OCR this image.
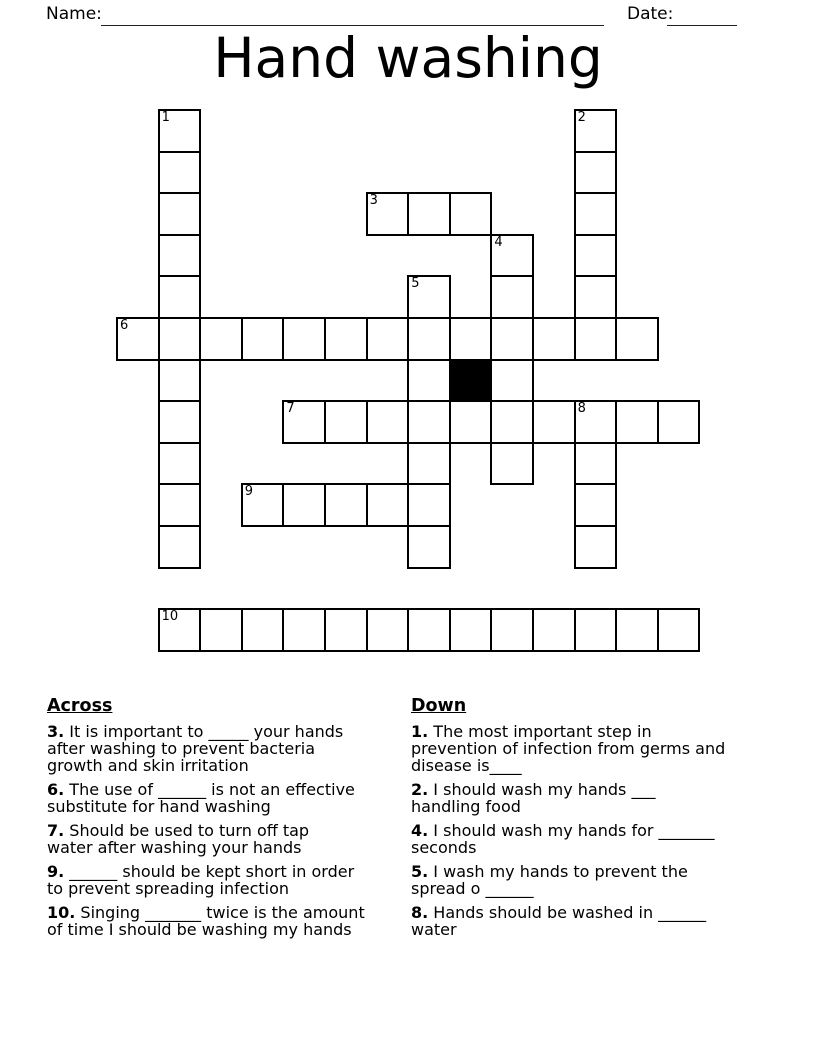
Name:	Date:
Hand washing
1	2
3
4
5
6
7	8
9
10
Across
3. It is important to _____ your hands
after washing to prevent bacteria
growth and skin irritation
6. The use of ______ is not an effective
substitute for hand washing
7. Should be used to turn off tap
water after washing your hands
9. ______ should be kept short in order
to prevent spreading infection
10. Singing _______ twice is the amount
of time I should be washing my hands
Down
1. The most important step in
prevention of infection from germs and
disease is____
2. I should wash my hands ___
handling food
4. I should wash my hands for _______
seconds
5. I wash my hands to prevent the
spread o ______
8. Hands should be washed in ______
water
